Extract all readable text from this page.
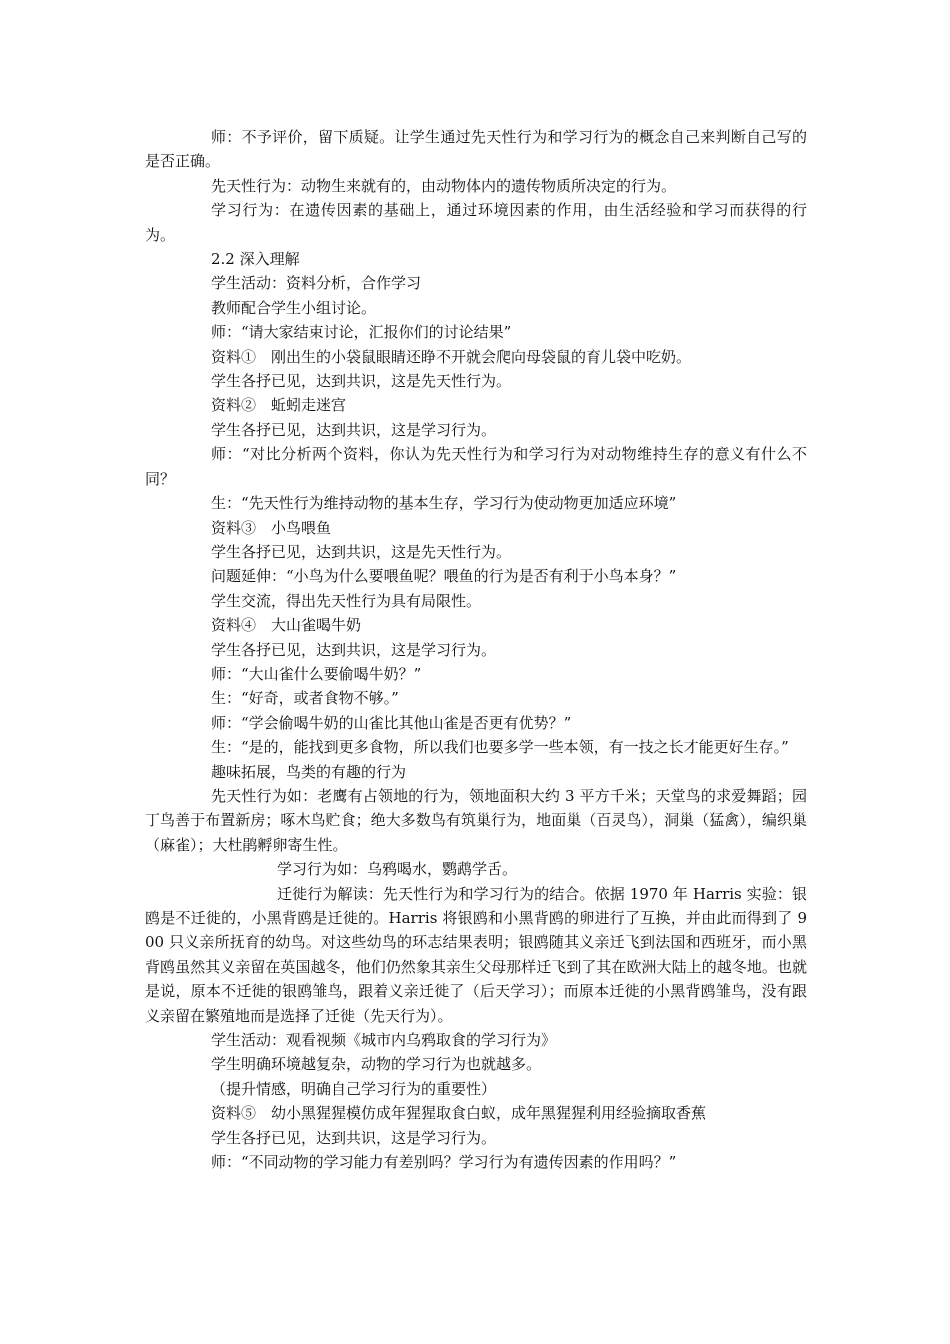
师：不予评价，留下质疑。让学生通过先天性行为和学习行为的概念自己来判断自己写的是否正确。

先天性行为：动物生来就有的，由动物体内的遗传物质所决定的行为。

学习行为：在遗传因素的基础上，通过环境因素的作用，由生活经验和学习而获得的行为。

2.2 深入理解

学生活动：资料分析，合作学习

教师配合学生小组讨论。

师：“请大家结束讨论，汇报你们的讨论结果”

资料①　刚出生的小袋鼠眼睛还睁不开就会爬向母袋鼠的育儿袋中吃奶。

学生各抒已见，达到共识，这是先天性行为。

资料②　蚯蚓走迷宫

学生各抒已见，达到共识，这是学习行为。

师：“对比分析两个资料，你认为先天性行为和学习行为对动物维持生存的意义有什么不同？

生：“先天性行为维持动物的基本生存，学习行为使动物更加适应环境”

资料③　小鸟喂鱼

学生各抒已见，达到共识，这是先天性行为。

问题延伸：“小鸟为什么要喂鱼呢？喂鱼的行为是否有利于小鸟本身？”

学生交流，得出先天性行为具有局限性。

资料④　大山雀喝牛奶

学生各抒已见，达到共识，这是学习行为。

师：“大山雀什么要偷喝牛奶？”

生：“好奇，或者食物不够。”

师：“学会偷喝牛奶的山雀比其他山雀是否更有优势？”

生：“是的，能找到更多食物，所以我们也要多学一些本领，有一技之长才能更好生存。”

趣味拓展，鸟类的有趣的行为

先天性行为如：老鹰有占领地的行为，领地面积大约 3 平方千米；天堂鸟的求爱舞蹈；园丁鸟善于布置新房；啄木鸟贮食；绝大多数鸟有筑巢行为，地面巢（百灵鸟），洞巢（猛禽），编织巢（麻雀）；大杜鹃孵卵寄生性。

学习行为如：乌鸦喝水，鹦鹉学舌。

迁徙行为解读：先天性行为和学习行为的结合。依据 1970 年 Harris 实验：银鸥是不迁徙的，小黑背鸥是迁徙的。Harris 将银鸥和小黑背鸥的卵进行了互换，并由此而得到了 900 只义亲所抚育的幼鸟。对这些幼鸟的环志结果表明；银鸥随其义亲迁飞到法国和西班牙，而小黑背鸥虽然其义亲留在英国越冬，他们仍然象其亲生父母那样迁飞到了其在欧洲大陆上的越冬地。也就是说，原本不迁徙的银鸥雏鸟，跟着义亲迁徙了（后天学习）；而原本迁徙的小黑背鸥雏鸟，没有跟义亲留在繁殖地而是选择了迁徙（先天行为）。

学生活动：观看视频《城市内乌鸦取食的学习行为》

学生明确环境越复杂，动物的学习行为也就越多。

（提升情感，明确自己学习行为的重要性）

资料⑤　幼小黑猩猩模仿成年猩猩取食白蚁，成年黑猩猩利用经验摘取香蕉

学生各抒已见，达到共识，这是学习行为。

师：“不同动物的学习能力有差别吗？学习行为有遗传因素的作用吗？”
